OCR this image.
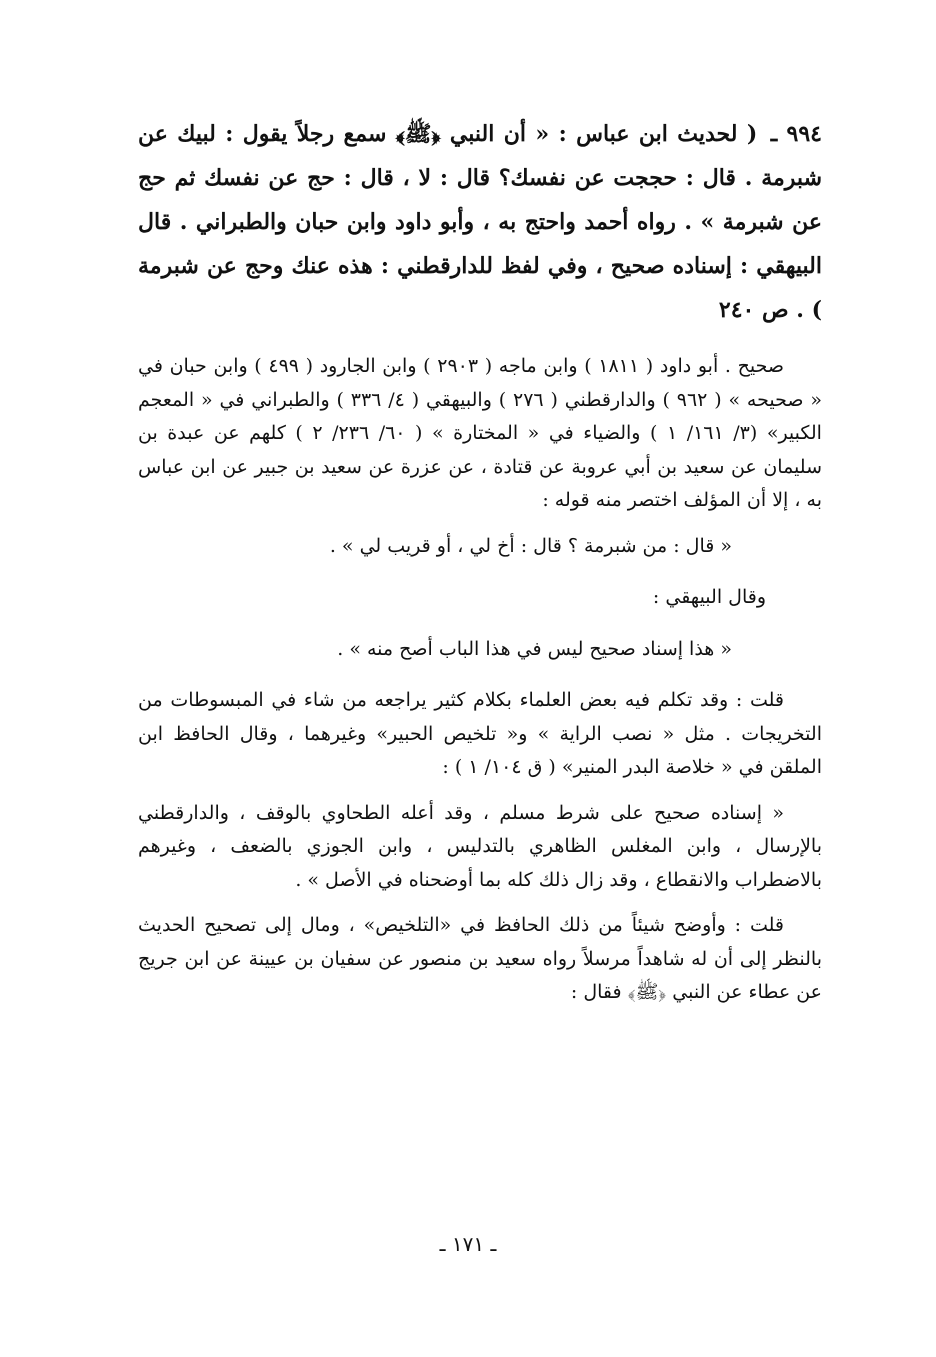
٩٩٤ ـ ( لحديث ابن عباس : « أن النبي ﴿ﷺ﴾ سمع رجلاً يقول : لبيك عن شبرمة . قال : حججت عن نفسك؟ قال : لا ، قال : حج عن نفسك ثم حج عن شبرمة » . رواه أحمد واحتج به ، وأبو داود وابن حبان والطبراني . قال البيهقي : إسناده صحيح ، وفي لفظ للدارقطني : هذه عنك وحج عن شبرمة ) . ص ٢٤٠

صحيح . أبو داود ( ١٨١١ ) وابن ماجه ( ٢٩٠٣ ) وابن الجارود ( ٤٩٩ ) وابن حبان في « صحيحه » ( ٩٦٢ ) والدارقطني ( ٢٧٦ ) والبيهقي ( ٤/ ٣٣٦ ) والطبراني في « المعجم الكبير» (٣/ ١٦١/ ١ ) والضياء في « المختارة » ( ٦٠/ ٢٣٦/ ٢ ) كلهم عن عبدة بن سليمان عن سعيد بن أبي عروبة عن قتادة ، عن عزرة عن سعيد بن جبير عن ابن عباس به ، إلا أن المؤلف اختصر منه قوله :

« قال : من شبرمة ؟ قال : أخ لي ، أو قريب لي » .

وقال البيهقي :

« هذا إسناد صحيح ليس في هذا الباب أصح منه » .

قلت : وقد تكلم فيه بعض العلماء بكلام كثير يراجعه من شاء في المبسوطات من التخريجات . مثل « نصب الراية » و« تلخيص الحبير» وغيرهما ، وقال الحافظ ابن الملقن في « خلاصة البدر المنير» ( ق ١٠٤/ ١ ) :

« إسناده صحيح على شرط مسلم ، وقد أعله الطحاوي بالوقف ، والدارقطني بالإرسال ، وابن المغلس الظاهري بالتدليس ، وابن الجوزي بالضعف ، وغيرهم بالاضطراب والانقطاع ، وقد زال ذلك كله بما أوضحناه في الأصل » .

قلت : وأوضح شيئاً من ذلك الحافظ في «التلخيص» ، ومال إلى تصحيح الحديث بالنظر إلى أن له شاهداً مرسلاً رواه سعيد بن منصور عن سفيان بن عيينة عن ابن جريج عن عطاء عن النبي ﴿ﷺ﴾ فقال :

ـ ١٧١ ـ
